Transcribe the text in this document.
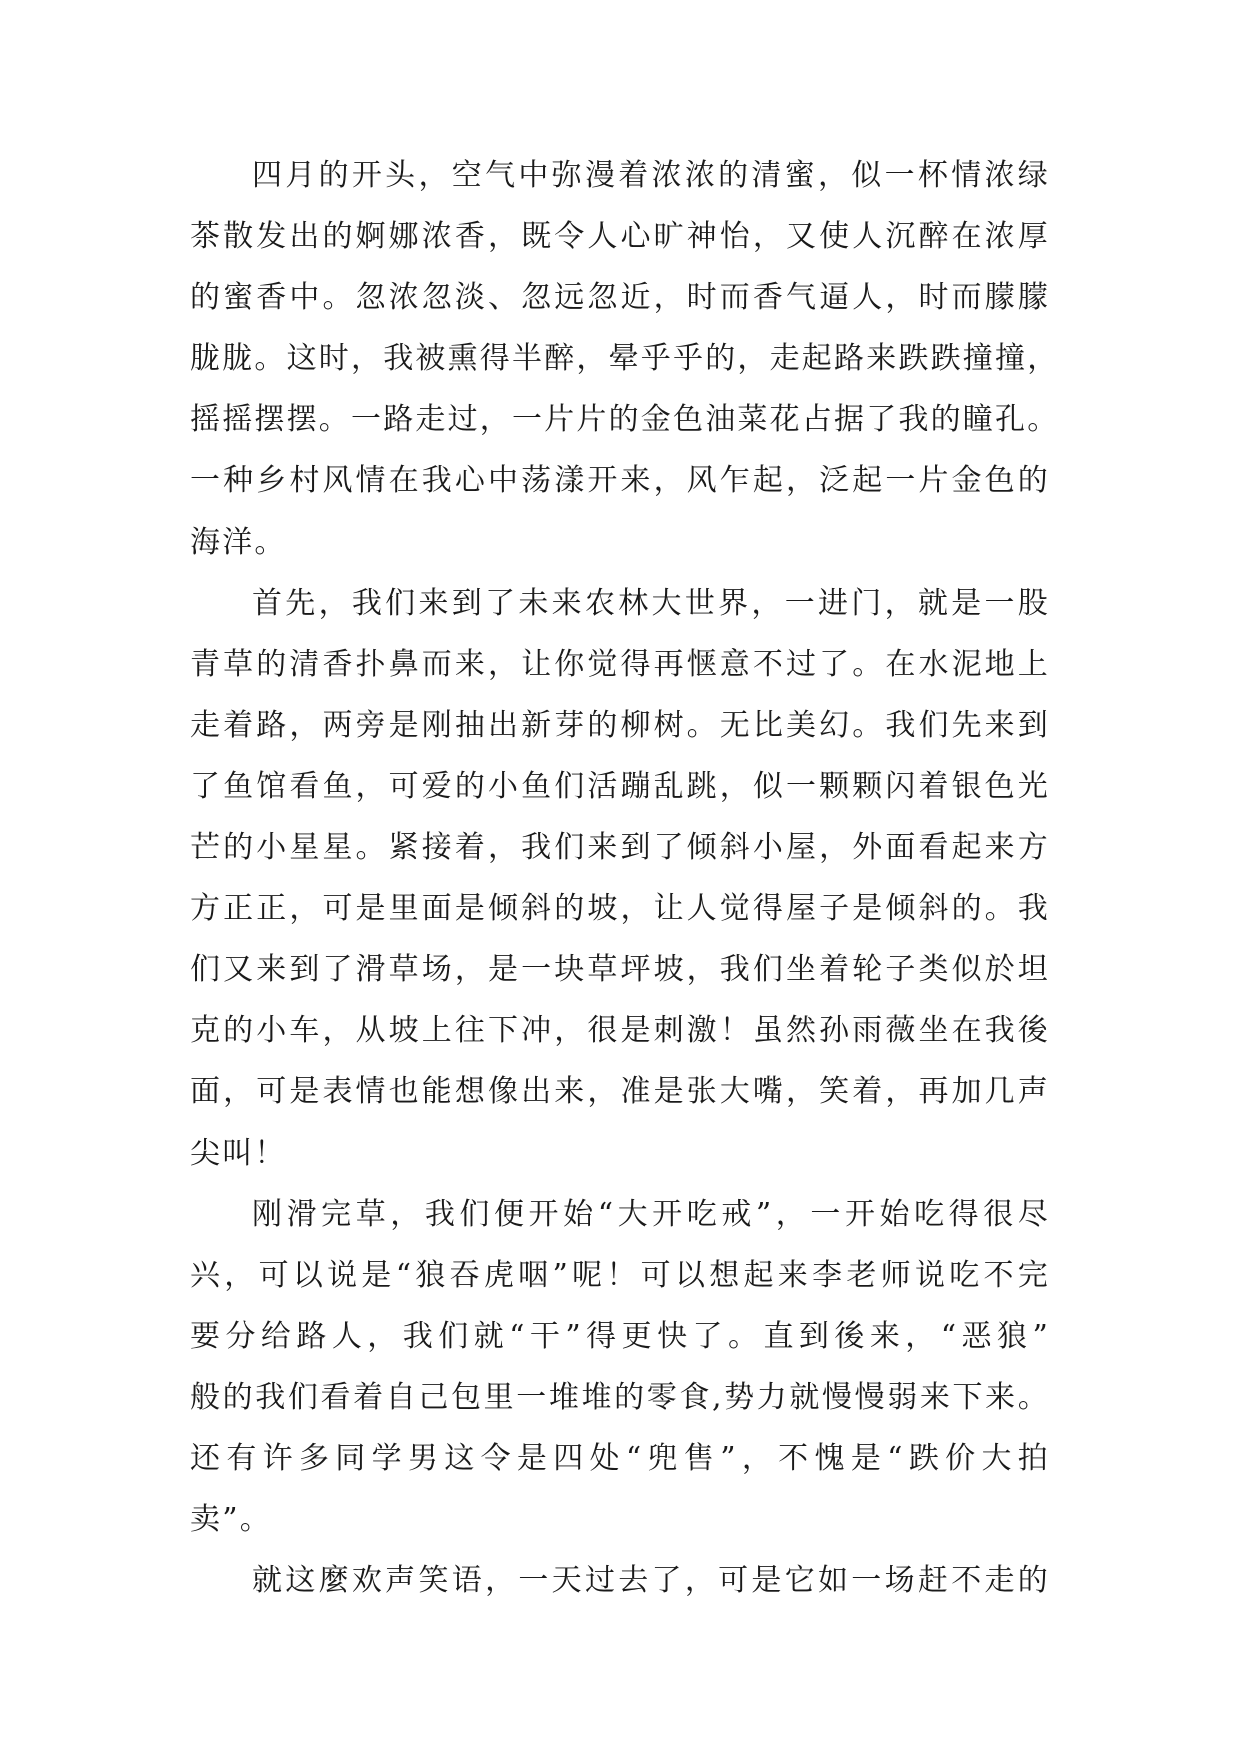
四月的开头，空气中弥漫着浓浓的清蜜，似一杯情浓绿
茶散发出的婀娜浓香，既令人心旷神怡，又使人沉醉在浓厚
的蜜香中。忽浓忽淡、忽远忽近，时而香气逼人，时而朦朦
胧胧。这时，我被熏得半醉，晕乎乎的，走起路来跌跌撞撞，
摇摇摆摆。一路走过，一片片的金色油菜花占据了我的瞳孔。
一种乡村风情在我心中荡漾开来，风乍起，泛起一片金色的
海洋。
首先，我们来到了未来农林大世界，一进门，就是一股
青草的清香扑鼻而来，让你觉得再惬意不过了。在水泥地上
走着路，两旁是刚抽出新芽的柳树。无比美幻。我们先来到
了鱼馆看鱼，可爱的小鱼们活蹦乱跳，似一颗颗闪着银色光
芒的小星星。紧接着，我们来到了倾斜小屋，外面看起来方
方正正，可是里面是倾斜的坡，让人觉得屋子是倾斜的。我
们又来到了滑草场，是一块草坪坡，我们坐着轮子类似於坦
克的小车，从坡上往下冲，很是刺激！虽然孙雨薇坐在我後
面，可是表情也能想像出来，准是张大嘴，笑着，再加几声
尖叫！
刚滑完草，我们便开始“大开吃戒”，一开始吃得很尽
兴，可以说是“狼吞虎咽”呢！可以想起来李老师说吃不完
要分给路人，我们就“干”得更快了。直到後来，“恶狼”
般的我们看着自己包里一堆堆的零食,势力就慢慢弱来下来。
还有许多同学男这令是四处“兜售”，不愧是“跌价大拍
卖”。
就这麼欢声笑语，一天过去了，可是它如一场赶不走的
